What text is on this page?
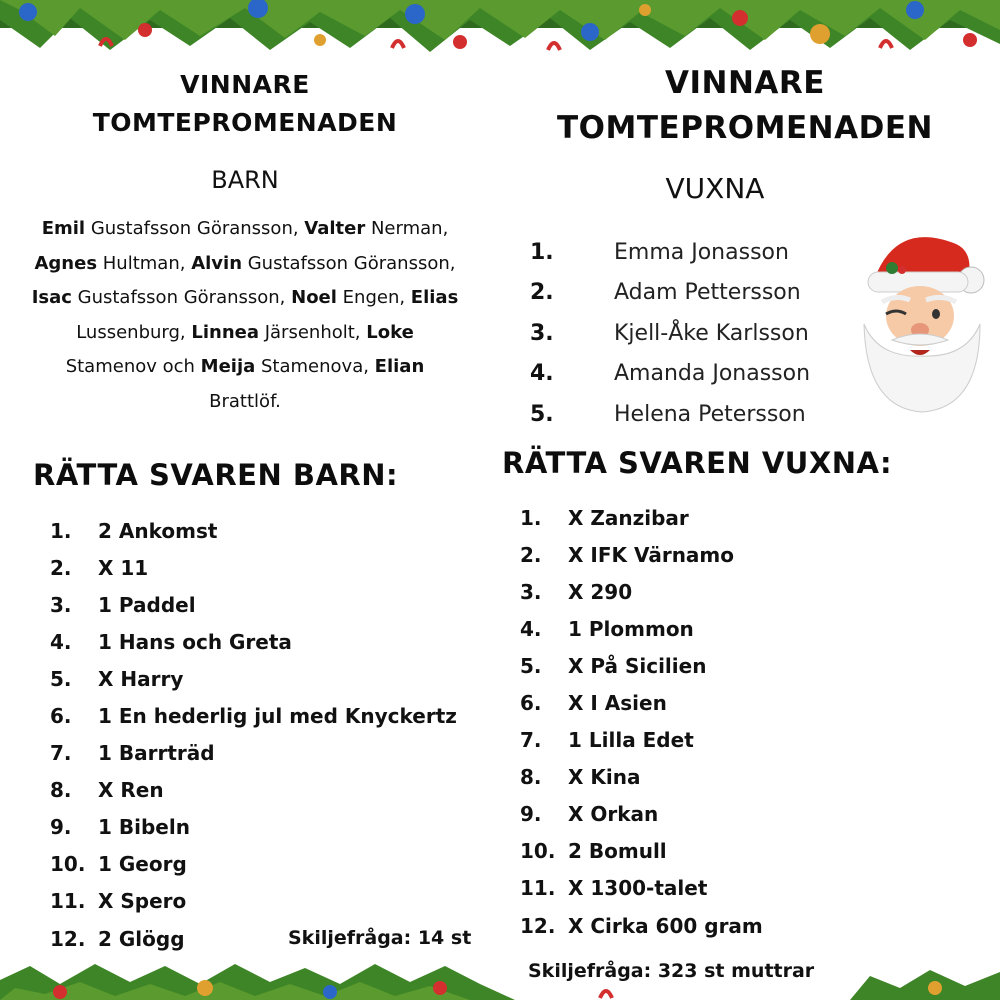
VINNARE
TOMTEPROMENADEN
BARN
Emil Gustafsson Göransson, Valter Nerman,
Agnes Hultman, Alvin Gustafsson Göransson,
Isac Gustafsson Göransson, Noel Engen, Elias
Lussenburg, Linnea Järsenholt, Loke
Stamenov och Meija Stamenova, Elian
Brattlöf.
VINNARE
TOMTEPROMENADEN
VUXNA
1.	Emma Jonasson
2.	Adam Pettersson
3.	Kjell-Åke Karlsson
4.	Amanda Jonasson
5.	Helena Petersson
RÄTTA SVAREN BARN:
1.	2 Ankomst
2.	X 11
3.	1 Paddel
4.	1 Hans och Greta
5.	X Harry
6.	1 En hederlig jul med Knyckertz
7.	1 Barrträd
8.	X Ren
9.	1 Bibeln
10. 1 Georg
11. X Spero
12. 2 Glögg	Skiljefråga: 14 st
RÄTTA SVAREN VUXNA:
1.	X Zanzibar
2.	X IFK Värnamo
3.	X 290
4.	1 Plommon
5.	X På Sicilien
6.	X I Asien
7.	1 Lilla Edet
8.	X Kina
9.	X Orkan
10. 2 Bomull
11. X 1300-talet
12. X Cirka 600 gram
Skiljefråga: 323 st muttrar
